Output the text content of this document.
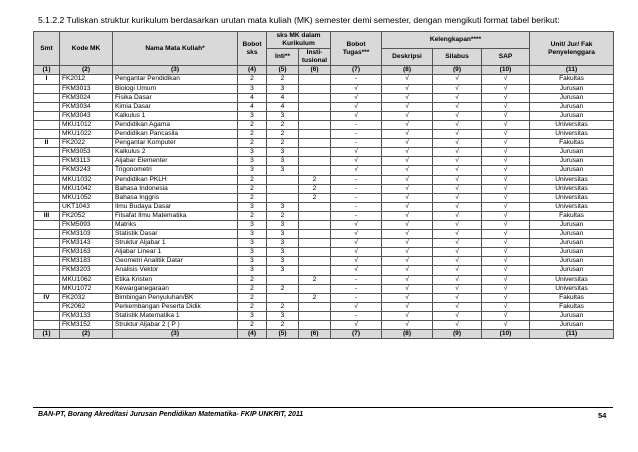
5.1.2.2 Tuliskan struktur kurikulum berdasarkan urutan mata kuliah (MK) semester demi semester, dengan mengikuti format tabel berikut:
Smt	Kode MK	Nama Mata Kuliah*	Bobot sks	sks MK dalam Kurikulum		Bobot Tugas***	Kelengkapan****			Unit/ Jur/ Fak Penyelenggara
				Inti**	Insti-tusional		Deskripsi	Silabus	SAP	
(1)	(2)	(3)	(4)	(5)	(6)	(7)	(8)	(9)	(10)	(11)
I	FK2012	Pengantar Pendidikan	2	2		-	√	√	√	Fakultas
	FKM3013	Biologi Umum	3	3		√	√	√	√	Jurusan
	FKM3024	Fisika Dasar	4	4		√	√	√	√	Jurusan
	FKM3034	Kimia Dasar	4	4		√	√	√	√	Jurusan
	FKM3043	Kalkulus 1	3	3		√	√	√	√	Jurusan
	MKU1012	Pendidikan Agama	2	2		-	√	√	√	Universitas
	MKU1022	Pendidikan Pancasila	2	2		-	√	√	√	Universitas
II	FK2022	Pengantar Komputer	2	2		-	√	√	√	Fakultas
	FKM3053	Kalkulus 2	3	3		√	√	√	√	Jurusan
	FKM3113	Aljabar Elementer	3	3		√	√	√	√	Jurusan
	FKM3243	Trigonometri	3	3		√	√	√	√	Jurusan
	MKU1032	Pendidikan PKLH	2		2	-	√	√	√	Universitas
	MKU1042	Bahasa Indonesia	2		2	-	√	√	√	Universitas
	MKU1052	Bahasa Inggris	2		2	-	√	√	√	Universitas
	UKT1043	Ilmu Budaya Dasar	3	3		-	√	√	√	Universitas
III	FK2052	Filsafat Ilmu Matematika	2	2		-	√	√	√	Fakultas
	FKM5093	Matriks	3	3		√	√	√	√	Jurusan
	FKM3103	Statistik Dasar	3	3		√	√	√	√	Jurusan
	FKM3143	Struktur Aljabar 1	3	3		√	√	√	√	Jurusan
	FKM3163	Aljabar Linear 1	3	3		√	√	√	√	Jurusan
	FKM3183	Geometri Analitik Datar	3	3		√	√	√	√	Jurusan
	FKM3203	Analisis Vektor	3	3		√	√	√	√	Jurusan
	MKU1062	Etika Kristen	2		2	-	√	√	√	Universitas
	MKU1072	Kewarganegaraan	2	2		-	√	√	√	Universitas
IV	FK2032	Bimbingan Penyuluhan/BK	2		2	-	√	√	√	Fakultas
	FK2062	Perkembangan Peserta Didik	2	2		√	√	√	√	Fakultas
	FKM3133	Statistik Matematika 1	3	3		-	√	√	√	Jurusan
	FKM3152	Struktur Aljabar 2 ( P )	2	2		√	√	√	√	Jurusan
(1)	(2)	(3)	(4)	(5)	(6)	(7)	(8)	(9)	(10)	(11)
BAN-PT, Borang Akreditasi Jurusan Pendidikan Matematika- FKIP UNKRIT, 2011	54
